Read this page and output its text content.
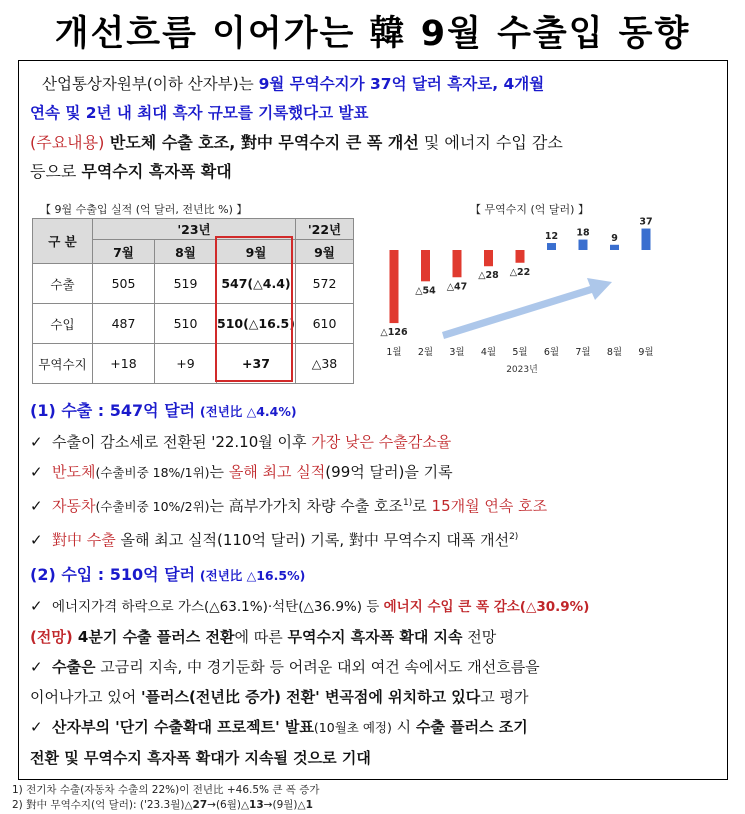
개선흐름 이어가는 韓 9월 수출입 동향
산업통상자원부(이하 산자부)는 9월 무역수지가 37억 달러 흑자로, 4개월
연속 및 2년 내 최대 흑자 규모를 기록했다고 발표
(주요내용) 반도체 수출 호조, 對中 무역수지 큰 폭 개선 및 에너지 수입 감소
등으로 무역수지 흑자폭 확대
【 9월 수출입 실적 (억 달러, 전년比 %) 】
구 분	'23년			'22년
	7월	8월	9월	9월
수출	505	519	547(△4.4)	572
수입	487	510	510(△16.5)	610
무역수지	+18	+9	+37	△38
【 무역수지 (억 달러) 】
△126
1월
△54
2월
△47
3월
△28
4월
△22
5월
12
6월
18
7월
9
8월
37
9월
2023년
(1) 수출 : 547억 달러 (전년比 △4.4%)
✓ 수출이 감소세로 전환된 '22.10월 이후 가장 낮은 수출감소율
✓ 반도체(수출비중 18%/1위)는 올해 최고 실적(99억 달러)을 기록
✓ 자동차(수출비중 10%/2위)는 高부가가치 차량 수출 호조$^{1)}$로 15개월 연속 호조
✓ 對中 수출 올해 최고 실적(110억 달러) 기록, 對中 무역수지 대폭 개선$^{2)}$
(2) 수입 : 510억 달러 (전년比 △16.5%)
✓ 에너지가격 하락으로 가스(△63.1%)·석탄(△36.9%) 등 에너지 수입 큰 폭 감소(△30.9%)
(전망) 4분기 수출 플러스 전환에 따른 무역수지 흑자폭 확대 지속 전망
✓ 수출은 고금리 지속, 中 경기둔화 등 어려운 대외 여건 속에서도 개선흐름을
이어나가고 있어 '플러스(전년比 증가) 전환' 변곡점에 위치하고 있다고 평가
✓ 산자부의 '단기 수출확대 프로젝트' 발표(10월초 예정) 시 수출 플러스 조기
전환 및 무역수지 흑자폭 확대가 지속될 것으로 기대
1) 전기차 수출(자동차 수출의 22%)이 전년比 +46.5% 큰 폭 증가
2) 對中 무역수지(억 달러): ('23.3월)△27→(6월)△13→(9월)△1
